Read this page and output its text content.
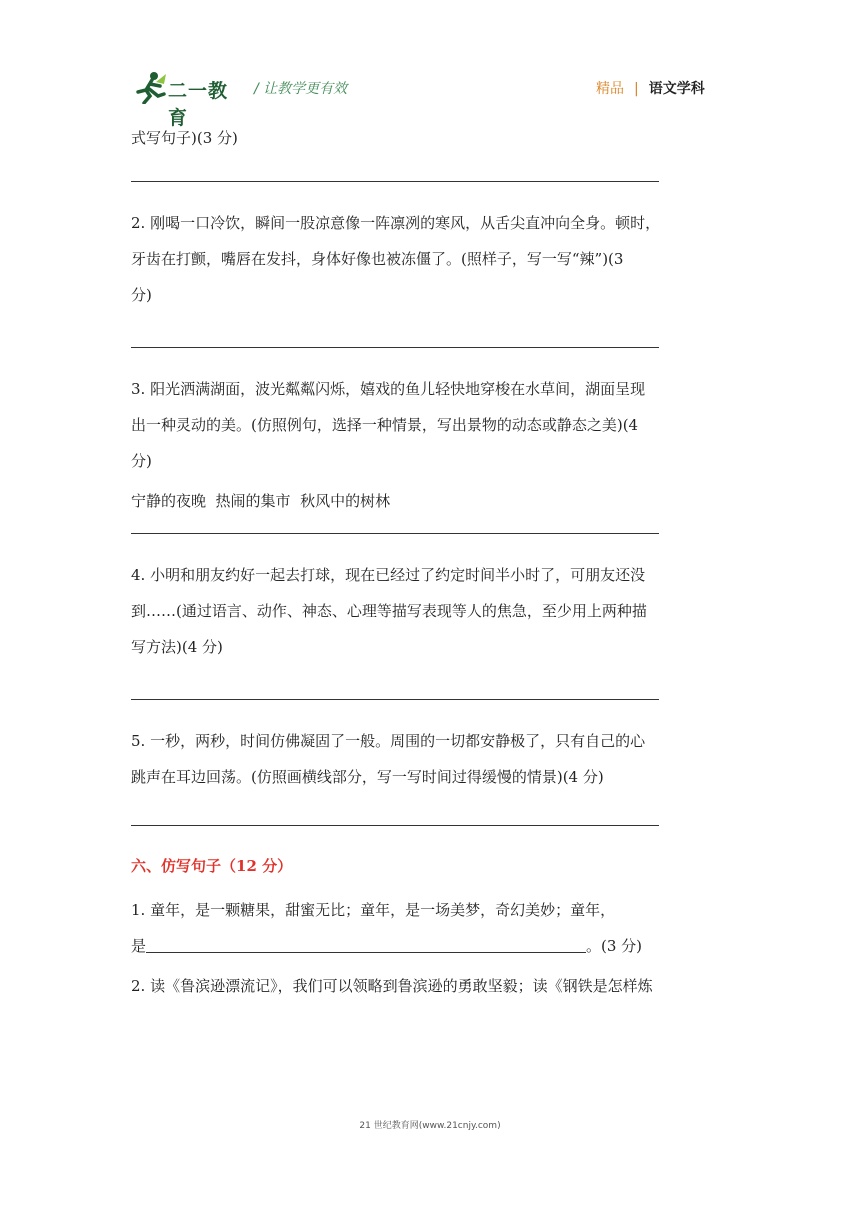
二一教育
/ 让教学更有效	精品 | 语文学科

式写句子)(3 分)

2. 刚喝一口冷饮，瞬间一股凉意像一阵凛冽的寒风，从舌尖直冲向全身。顿时，

牙齿在打颤，嘴唇在发抖，身体好像也被冻僵了。(照样子，写一写“辣”)(3

分)

3. 阳光洒满湖面，波光粼粼闪烁，嬉戏的鱼儿轻快地穿梭在水草间，湖面呈现

出一种灵动的美。(仿照例句，选择一种情景，写出景物的动态或静态之美)(4

分)

宁静的夜晚  热闹的集市  秋风中的树林

4. 小明和朋友约好一起去打球，现在已经过了约定时间半小时了，可朋友还没

到……(通过语言、动作、神态、心理等描写表现等人的焦急，至少用上两种描

写方法)(4 分)

5. 一秒，两秒，时间仿佛凝固了一般。周围的一切都安静极了，只有自己的心

跳声在耳边回荡。(仿照画横线部分，写一写时间过得缓慢的情景)(4 分)

六、仿写句子（12 分）

1. 童年，是一颗糖果，甜蜜无比；童年，是一场美梦，奇幻美妙；童年，

是	。(3 分)

2. 读《鲁滨逊漂流记》，我们可以领略到鲁滨逊的勇敢坚毅；读《钢铁是怎样炼

21 世纪教育网(www.21cnjy.com)
